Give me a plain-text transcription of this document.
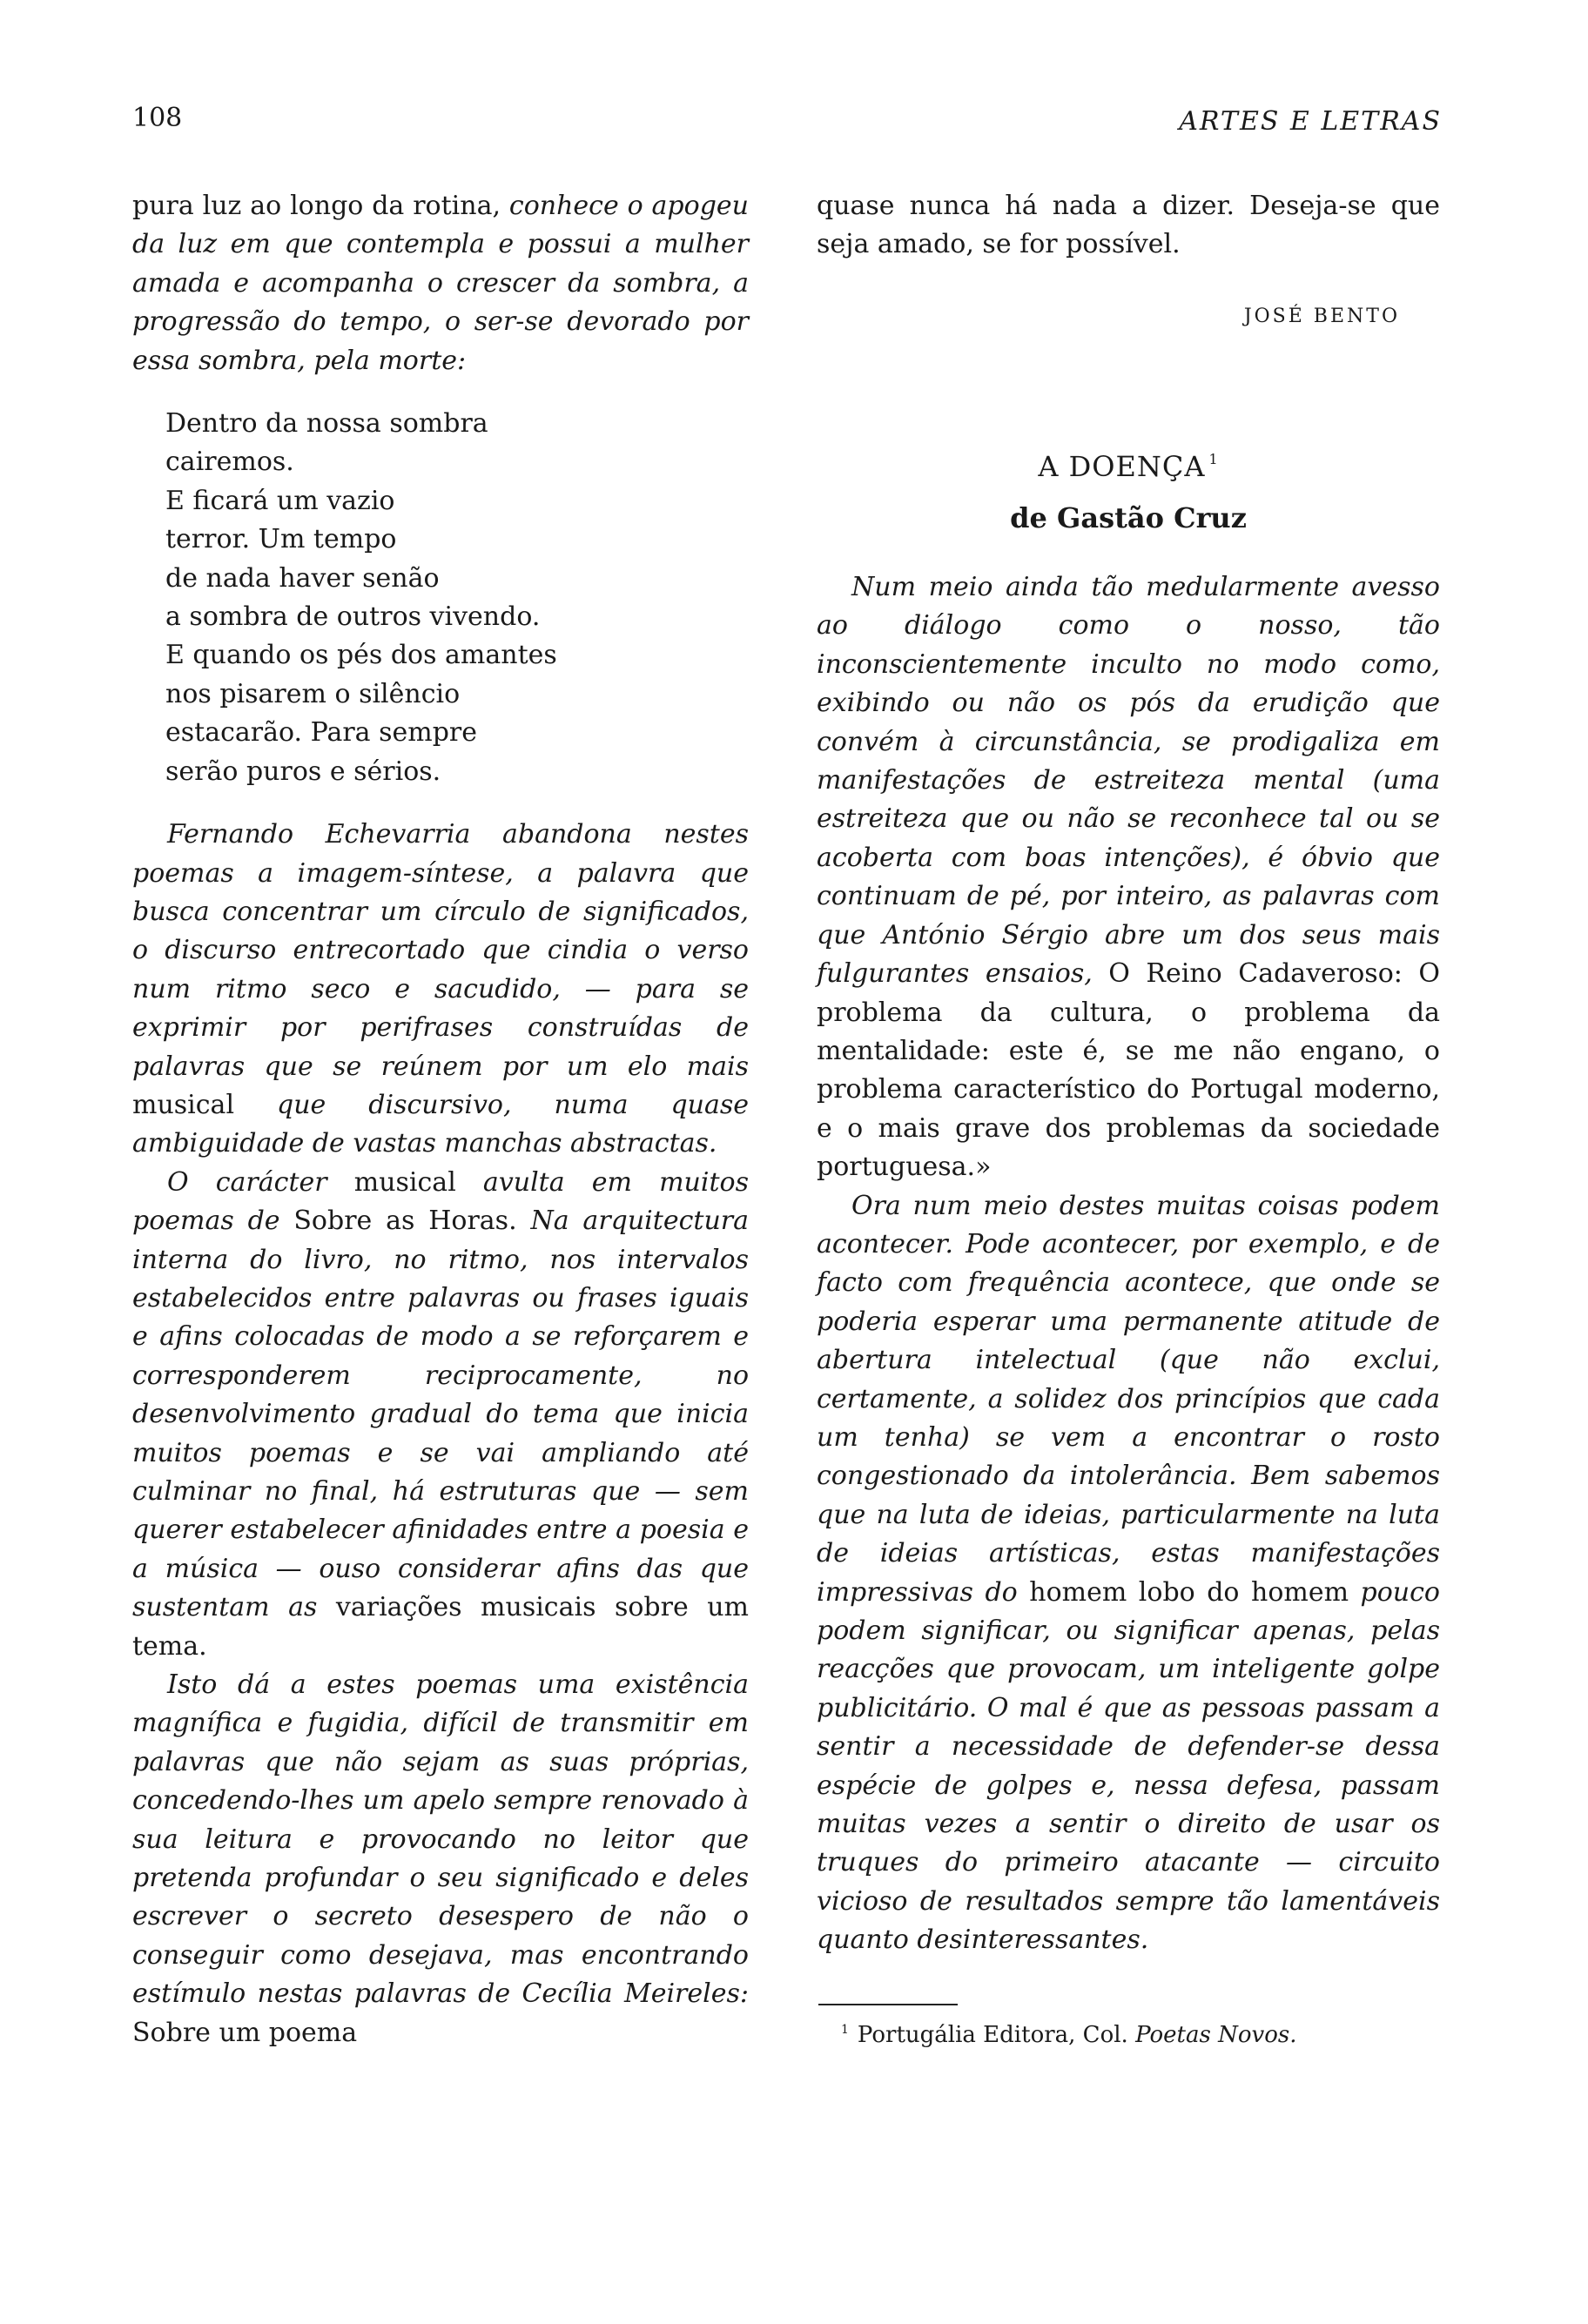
108	ARTES E LETRAS

pura luz ao longo da rotina, conhece o apogeu da luz em que contempla e possui a mulher amada e acompanha o crescer da sombra, a progressão do tempo, o ser-se devorado por essa sombra, pela morte:

Dentro da nossa sombra
cairemos.
E ficará um vazio
terror. Um tempo
de nada haver senão
a sombra de outros vivendo.
E quando os pés dos amantes
nos pisarem o silêncio
estacarão. Para sempre
serão puros e sérios.

Fernando Echevarria abandona nestes poemas a imagem-síntese, a palavra que busca concentrar um círculo de significados, o discurso entrecortado que cindia o verso num ritmo seco e sacudido, — para se exprimir por perifrases construídas de palavras que se reúnem por um elo mais musical que discursivo, numa quase ambiguidade de vastas manchas abstractas.

O carácter musical avulta em muitos poemas de Sobre as Horas. Na arquitectura interna do livro, no ritmo, nos intervalos estabelecidos entre palavras ou frases iguais e afins colocadas de modo a se reforçarem e corresponderem reciprocamente, no desenvolvimento gradual do tema que inicia muitos poemas e se vai ampliando até culminar no final, há estruturas que — sem querer estabelecer afinidades entre a poesia e a música — ouso considerar afins das que sustentam as variações musicais sobre um tema.

Isto dá a estes poemas uma existência magnífica e fugidia, difícil de transmitir em palavras que não sejam as suas próprias, concedendo-lhes um apelo sempre renovado à sua leitura e provocando no leitor que pretenda profundar o seu significado e deles escrever o secreto desespero de não o conseguir como desejava, mas encontrando estímulo nestas palavras de Cecília Meireles: Sobre um poema

quase nunca há nada a dizer. Deseja-se que seja amado, se for possível.

JOSÉ BENTO

A DOENÇA $^1$

de Gastão Cruz

Num meio ainda tão medularmente avesso ao diálogo como o nosso, tão inconscientemente inculto no modo como, exibindo ou não os pós da erudição que convém à circunstância, se prodigaliza em manifestações de estreiteza mental (uma estreiteza que ou não se reconhece tal ou se acoberta com boas intenções), é óbvio que continuam de pé, por inteiro, as palavras com que António Sérgio abre um dos seus mais fulgurantes ensaios, O Reino Cadaveroso: O problema da cultura, o problema da mentalidade: este é, se me não engano, o problema característico do Portugal moderno, e o mais grave dos problemas da sociedade portuguesa.»

Ora num meio destes muitas coisas podem acontecer. Pode acontecer, por exemplo, e de facto com frequência acontece, que onde se poderia esperar uma permanente atitude de abertura intelectual (que não exclui, certamente, a solidez dos princípios que cada um tenha) se vem a encontrar o rosto congestionado da intolerância. Bem sabemos que na luta de ideias, particularmente na luta de ideias artísticas, estas manifestações impressivas do homem lobo do homem pouco podem significar, ou significar apenas, pelas reacções que provocam, um inteligente golpe publicitário. O mal é que as pessoas passam a sentir a necessidade de defender-se dessa espécie de golpes e, nessa defesa, passam muitas vezes a sentir o direito de usar os truques do primeiro atacante — circuito vicioso de resultados sempre tão lamentáveis quanto desinteressantes.

$^1$ Portugália Editora, Col. Poetas Novos.
